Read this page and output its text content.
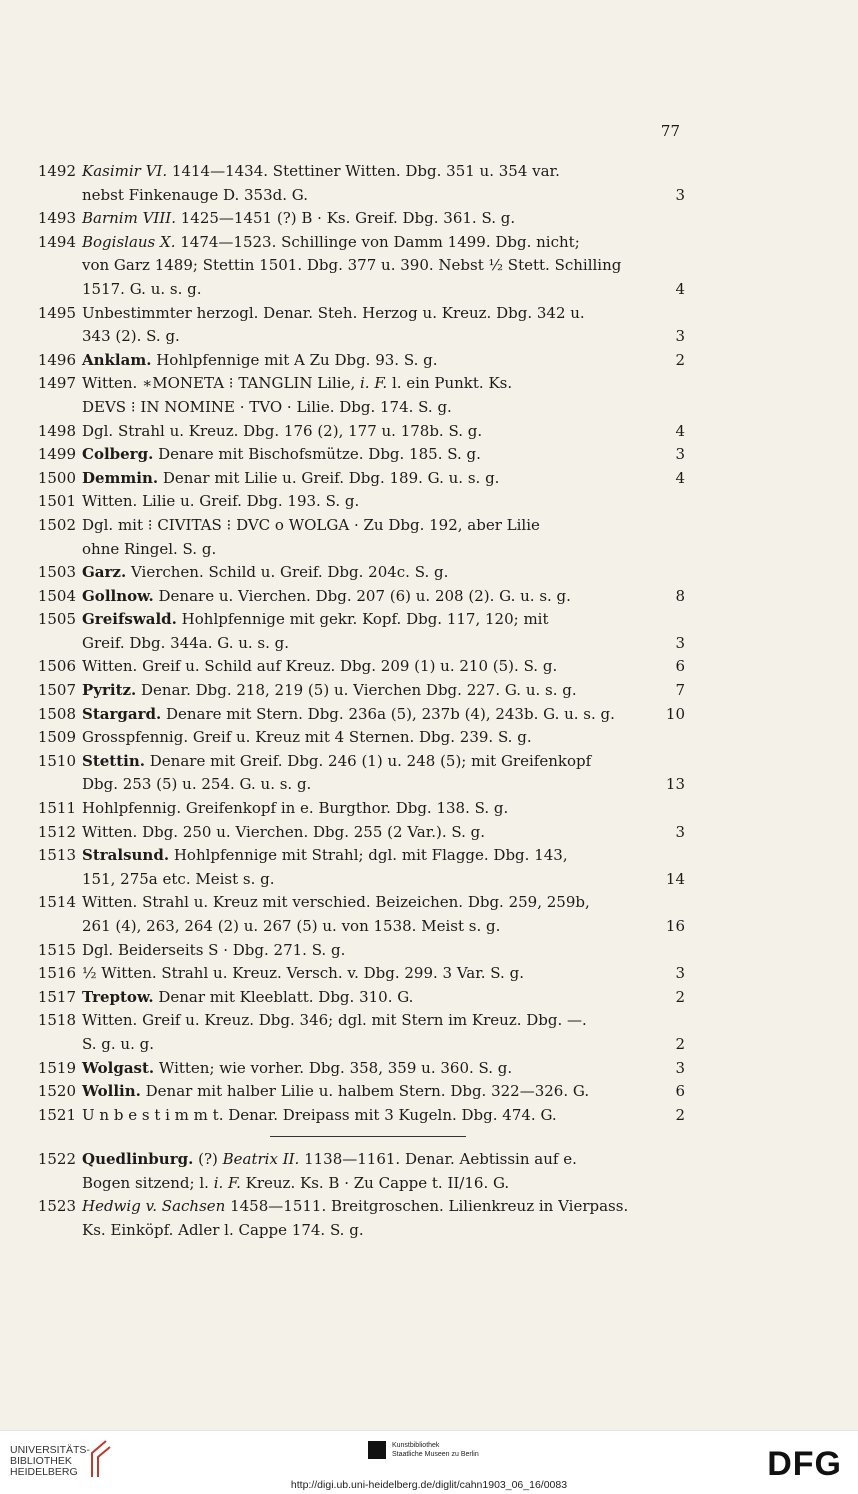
77
1492 Kasimir VI. 1414—1434. Stettiner Witten. Dbg. 351 u. 354 var.
nebst Finkenauge D. 353d. G.	3
1493 Barnim VIII. 1425—1451 (?) B · Ks. Greif. Dbg. 361. S. g.
1494 Bogislaus X. 1474—1523. Schillinge von Damm 1499. Dbg. nicht;
von Garz 1489; Stettin 1501. Dbg. 377 u. 390. Nebst ½ Stett. Schilling
1517. G. u. s. g.	4
1495 Unbestimmter herzogl. Denar. Steh. Herzog u. Kreuz. Dbg. 342 u.
343 (2). S. g.	3
1496 Anklam. Hohlpfennige mit A Zu Dbg. 93. S. g.	2
1497 Witten. ∗MONETA ⁝ TANGLIN Lilie, i. F. l. ein Punkt. Ks.
DEVS ⁝ IN NOMINE · TVO · Lilie. Dbg. 174. S. g.
1498 Dgl. Strahl u. Kreuz. Dbg. 176 (2), 177 u. 178b. S. g.	4
1499 Colberg. Denare mit Bischofsmütze. Dbg. 185. S. g.	3
1500 Demmin. Denar mit Lilie u. Greif. Dbg. 189. G. u. s. g.	4
1501 Witten. Lilie u. Greif. Dbg. 193. S. g.
1502 Dgl. mit ⁝ CIVITAS ⁝ DVC o WOLGA · Zu Dbg. 192, aber Lilie
ohne Ringel. S. g.
1503 Garz. Vierchen. Schild u. Greif. Dbg. 204c. S. g.
1504 Gollnow. Denare u. Vierchen. Dbg. 207 (6) u. 208 (2). G. u. s. g.	8
1505 Greifswald. Hohlpfennige mit gekr. Kopf. Dbg. 117, 120; mit
Greif. Dbg. 344a. G. u. s. g.	3
1506 Witten. Greif u. Schild auf Kreuz. Dbg. 209 (1) u. 210 (5). S. g.	6
1507 Pyritz. Denar. Dbg. 218, 219 (5) u. Vierchen Dbg. 227. G. u. s. g.	7
1508 Stargard. Denare mit Stern. Dbg. 236a (5), 237b (4), 243b. G. u. s. g.	10
1509 Grosspfennig. Greif u. Kreuz mit 4 Sternen. Dbg. 239. S. g.
1510 Stettin. Denare mit Greif. Dbg. 246 (1) u. 248 (5); mit Greifenkopf
Dbg. 253 (5) u. 254. G. u. s. g.	13
1511 Hohlpfennig. Greifenkopf in e. Burgthor. Dbg. 138. S. g.
1512 Witten. Dbg. 250 u. Vierchen. Dbg. 255 (2 Var.). S. g.	3
1513 Stralsund. Hohlpfennige mit Strahl; dgl. mit Flagge. Dbg. 143,
151, 275a etc. Meist s. g.	14
1514 Witten. Strahl u. Kreuz mit verschied. Beizeichen. Dbg. 259, 259b,
261 (4), 263, 264 (2) u. 267 (5) u. von 1538. Meist s. g.	16
1515 Dgl. Beiderseits S · Dbg. 271. S. g.
1516 ½ Witten. Strahl u. Kreuz. Versch. v. Dbg. 299. 3 Var. S. g.	3
1517 Treptow. Denar mit Kleeblatt. Dbg. 310. G.	2
1518 Witten. Greif u. Kreuz. Dbg. 346; dgl. mit Stern im Kreuz. Dbg. —.
S. g. u. g.	2
1519 Wolgast. Witten; wie vorher. Dbg. 358, 359 u. 360. S. g.	3
1520 Wollin. Denar mit halber Lilie u. halbem Stern. Dbg. 322—326. G.	6
1521 U n b e s t i m m t. Denar. Dreipass mit 3 Kugeln. Dbg. 474. G.	2
1522 Quedlinburg. (?) Beatrix II. 1138—1161. Denar. Aebtissin auf e.
Bogen sitzend; l. i. F. Kreuz. Ks. B · Zu Cappe t. II/16. G.
1523 Hedwig v. Sachsen 1458—1511. Breitgroschen. Lilienkreuz in Vierpass.
Ks. Einköpf. Adler l. Cappe 174. S. g.
UNIVERSITÄTS-
BIBLIOTHEK
HEIDELBERG

Kunstbibliothek
Staatliche Museen zu Berlin	DFG
http://digi.ub.uni-heidelberg.de/diglit/cahn1903_06_16/0083
